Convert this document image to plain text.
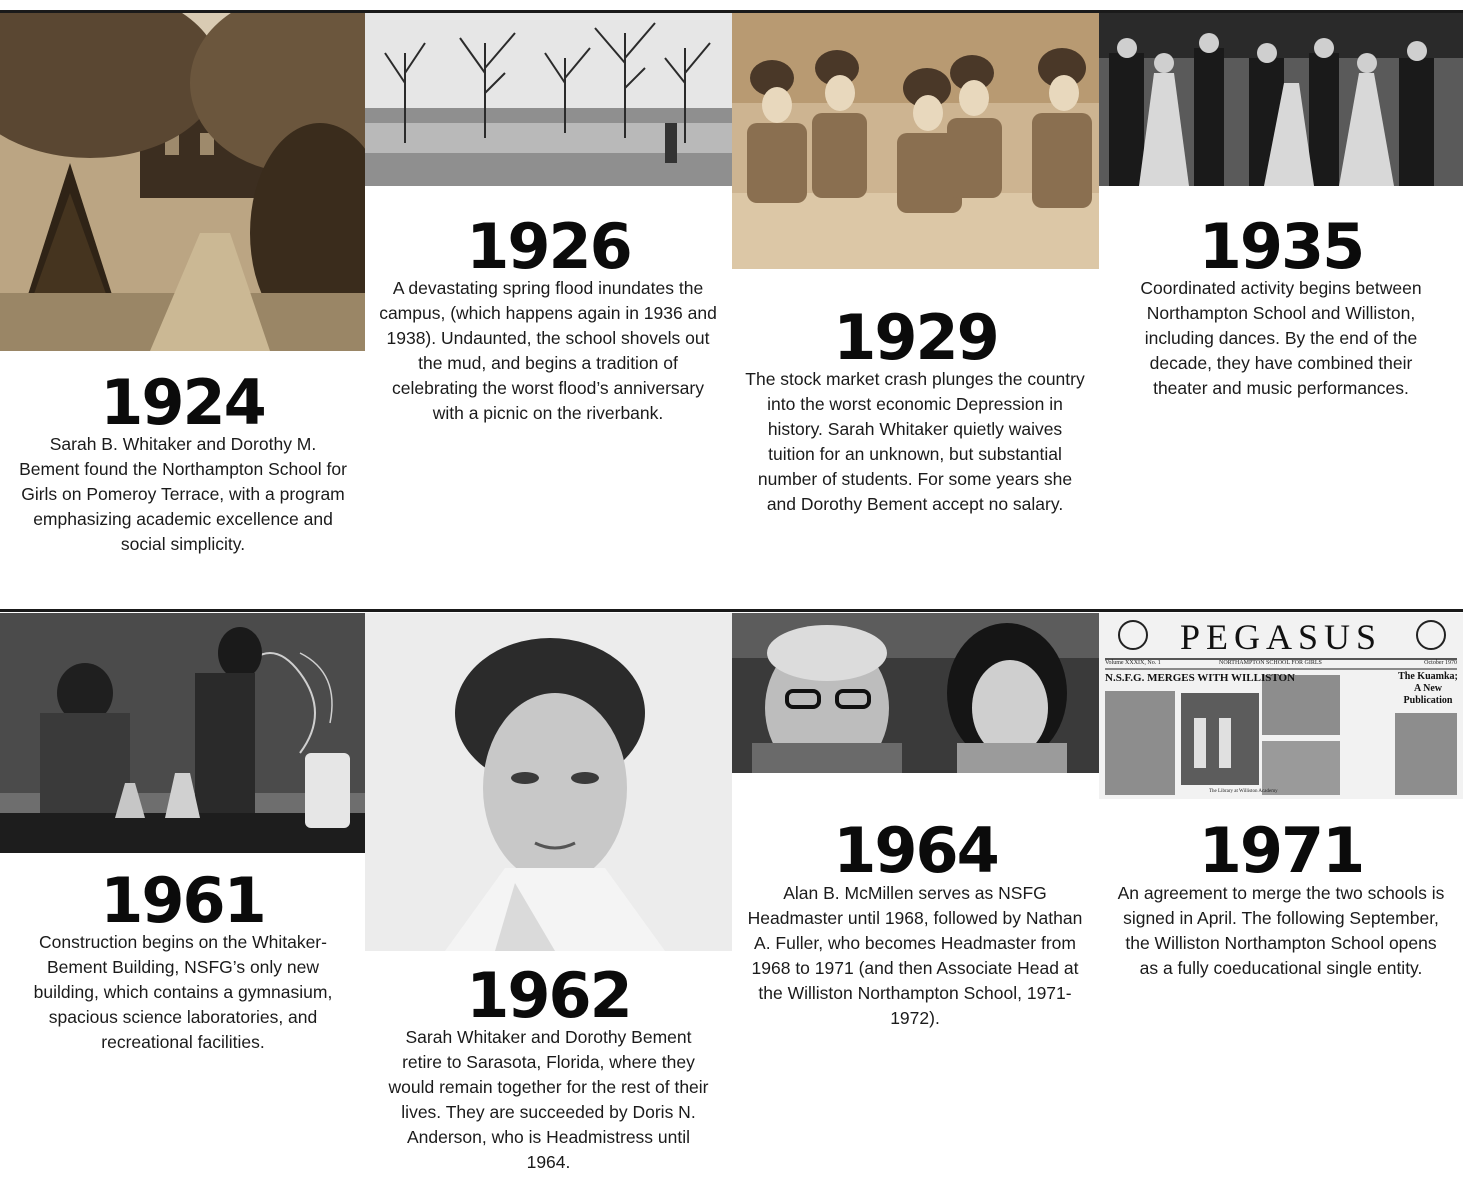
1924
Sarah B. Whitaker and Dorothy M. Bement found the Northampton School for Girls on Pomeroy Terrace, with a program emphasizing academic excellence and social simplicity.
1926
A devastating spring flood inundates the campus, (which happens again in 1936 and 1938). Undaunted, the school shovels out the mud, and begins a tradition of celebrating the worst flood’s anniversary with a picnic on the riverbank.
1929
The stock market crash plunges the country into the worst economic Depression in history. Sarah Whitaker quietly waives tuition for an unknown, but substantial number of students. For some years she and Dorothy Bement accept no salary.
1935
Coordinated activity begins between Northampton School and Williston, including dances. By the end of the decade, they have combined their theater and music performances.
1961
Construction begins on the Whitaker-Bement Building, NSFG’s only new building, which contains a gymnasium, spacious science laboratories, and recreational facilities.
1962
Sarah Whitaker and Dorothy Bement retire to Sarasota, Florida, where they would remain together for the rest of their lives. They are succeeded by Doris N. Anderson, who is Headmistress until 1964.
1964
Alan B. McMillen serves as NSFG Headmaster until 1968, followed by Nathan A. Fuller, who becomes Headmaster from 1968 to 1971 (and then Associate Head at the Williston Northampton School, 1971-1972).
PEGASUS
Volume XXXIX, No. 1	NORTHAMPTON SCHOOL FOR GIRLS	October 1970
N.S.F.G. MERGES WITH WILLISTON	The Kuamka;
A New
Publication
The Library at Williston Academy
1971
An agreement to merge the two schools is signed in April. The following September, the Williston Northampton School opens as a fully coeducational single entity.
